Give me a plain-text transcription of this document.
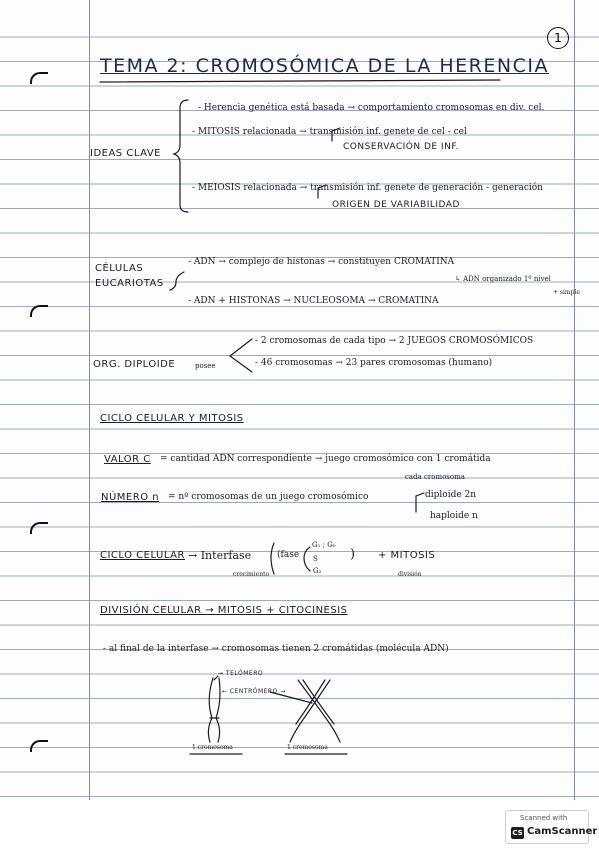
1
TEMA 2: CROMOSÓMICA DE LA HERENCIA
IDEAS CLAVE
- Herencia genética está basada → comportamiento cromosomas en div. cel.
- MITOSIS relacionada → transmisión inf. genete de cel - cel
CONSERVACIÓN DE INF.
- MEIOSIS relacionada → transmisión inf. genete de generación - generación
ORIGEN DE VARIABILIDAD
CÉLULAS
EUCARIOTAS
- ADN → complejo de histonas → constituyen CROMATINA
↳ ADN organizado 1º nivel
+ simple
- ADN + HISTONAS → NUCLEOSOMA → CROMATINA
ORG. DIPLOIDE	posee
- 2 cromosomas de cada tipo → 2 JUEGOS CROMOSÓMICOS
- 46 cromosomas → 23 pares cromosomas (humano)
CICLO CELULAR Y MITOSIS
VALOR C = cantidad ADN correspondiente → juego cromosómico con 1 cromátida
cada cromosoma
NÚMERO n = nº cromosomas de un juego cromosómico	diploide 2n
haploide n
CICLO CELULAR → Interfase	(fase
G₁ ; G₀
S
G₂
)
crecimiento
+ MITOSIS
división
DIVISIÓN CELULAR → MITOSIS + CITOCINESIS
- al final de la interfase → cromosomas tienen 2 cromátidas (molécula ADN)
→ TELÓMERO
← CENTRÓMERO →
1 cromosoma	1 cromosoma
Scanned with
CS CamScanner
